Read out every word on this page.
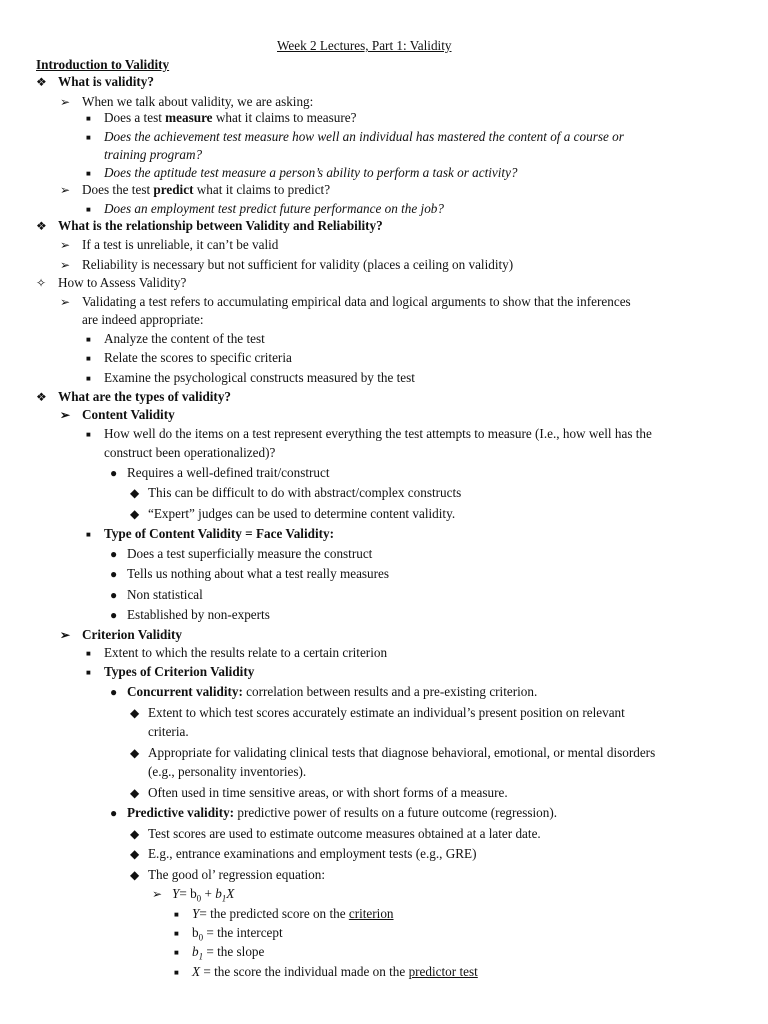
Week 2 Lectures, Part 1: Validity
Introduction to Validity
❖ What is validity?
➢ When we talk about validity, we are asking:
■ Does a test measure what it claims to measure?
■ Does the achievement test measure how well an individual has mastered the content of a course or
training program?
■ Does the aptitude test measure a person’s ability to perform a task or activity?
➢ Does the test predict what it claims to predict?
■ Does an employment test predict future performance on the job?
❖ What is the relationship between Validity and Reliability?
➢ If a test is unreliable, it can’t be valid
➢ Reliability is necessary but not sufficient for validity (places a ceiling on validity)
✧ How to Assess Validity?
➢ Validating a test refers to accumulating empirical data and logical arguments to show that the inferences
are indeed appropriate:
■ Analyze the content of the test
■ Relate the scores to specific criteria
■ Examine the psychological constructs measured by the test
❖ What are the types of validity?
➢ Content Validity
■ How well do the items on a test represent everything the test attempts to measure (I.e., how well has the
construct been operationalized)?
● Requires a well-defined trait/construct
◆ This can be difficult to do with abstract/complex constructs
◆ “Expert” judges can be used to determine content validity.
■ Type of Content Validity = Face Validity:
● Does a test superficially measure the construct
● Tells us nothing about what a test really measures
● Non statistical
● Established by non-experts
➢ Criterion Validity
■ Extent to which the results relate to a certain criterion
■ Types of Criterion Validity
● Concurrent validity: correlation between results and a pre-existing criterion.
◆ Extent to which test scores accurately estimate an individual’s present position on relevant
criteria.
◆ Appropriate for validating clinical tests that diagnose behavioral, emotional, or mental disorders
(e.g., personality inventories).
◆ Often used in time sensitive areas, or with short forms of a measure.
● Predictive validity: predictive power of results on a future outcome (regression).
◆ Test scores are used to estimate outcome measures obtained at a later date.
◆ E.g., entrance examinations and employment tests (e.g., GRE)
◆ The good ol’ regression equation:
➢ $Y= b_0 + b_1X$
■ Y= the predicted score on the criterion
■ $b_0$ = the intercept
■ $b_1$ = the slope
■ X = the score the individual made on the predictor test
